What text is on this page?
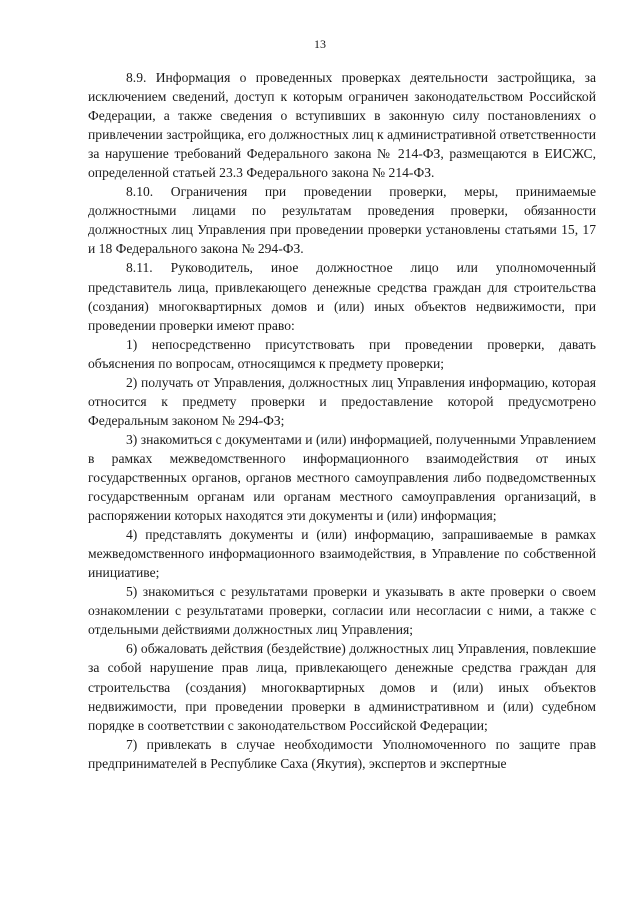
13

8.9. Информация о проведенных проверках деятельности застройщика, за исключением сведений, доступ к которым ограничен законодательством Российской Федерации, а также сведения о вступивших в законную силу постановлениях о привлечении застройщика, его должностных лиц к административной ответственности за нарушение требований Федерального закона № 214-ФЗ, размещаются в ЕИСЖС, определенной статьей 23.3 Федерального закона № 214-ФЗ.

8.10. Ограничения при проведении проверки, меры, принимаемые должностными лицами по результатам проведения проверки, обязанности должностных лиц Управления при проведении проверки установлены статьями 15, 17 и 18 Федерального закона № 294-ФЗ.

8.11. Руководитель, иное должностное лицо или уполномоченный представитель лица, привлекающего денежные средства граждан для строительства (создания) многоквартирных домов и (или) иных объектов недвижимости, при проведении проверки имеют право:

1) непосредственно присутствовать при проведении проверки, давать объяснения по вопросам, относящимся к предмету проверки;

2) получать от Управления, должностных лиц Управления информацию, которая относится к предмету проверки и предоставление которой предусмотрено Федеральным законом № 294-ФЗ;

3) знакомиться с документами и (или) информацией, полученными Управлением в рамках межведомственного информационного взаимодействия от иных государственных органов, органов местного самоуправления либо подведомственных государственным органам или органам местного самоуправления организаций, в распоряжении которых находятся эти документы и (или) информация;

4) представлять документы и (или) информацию, запрашиваемые в рамках межведомственного информационного взаимодействия, в Управление по собственной инициативе;

5) знакомиться с результатами проверки и указывать в акте проверки о своем ознакомлении с результатами проверки, согласии или несогласии с ними, а также с отдельными действиями должностных лиц Управления;

6) обжаловать действия (бездействие) должностных лиц Управления, повлекшие за собой нарушение прав лица, привлекающего денежные средства граждан для строительства (создания) многоквартирных домов и (или) иных объектов недвижимости, при проведении проверки в административном и (или) судебном порядке в соответствии с законодательством Российской Федерации;

7) привлекать в случае необходимости Уполномоченного по защите прав предпринимателей в Республике Саха (Якутия), экспертов и экспертные
